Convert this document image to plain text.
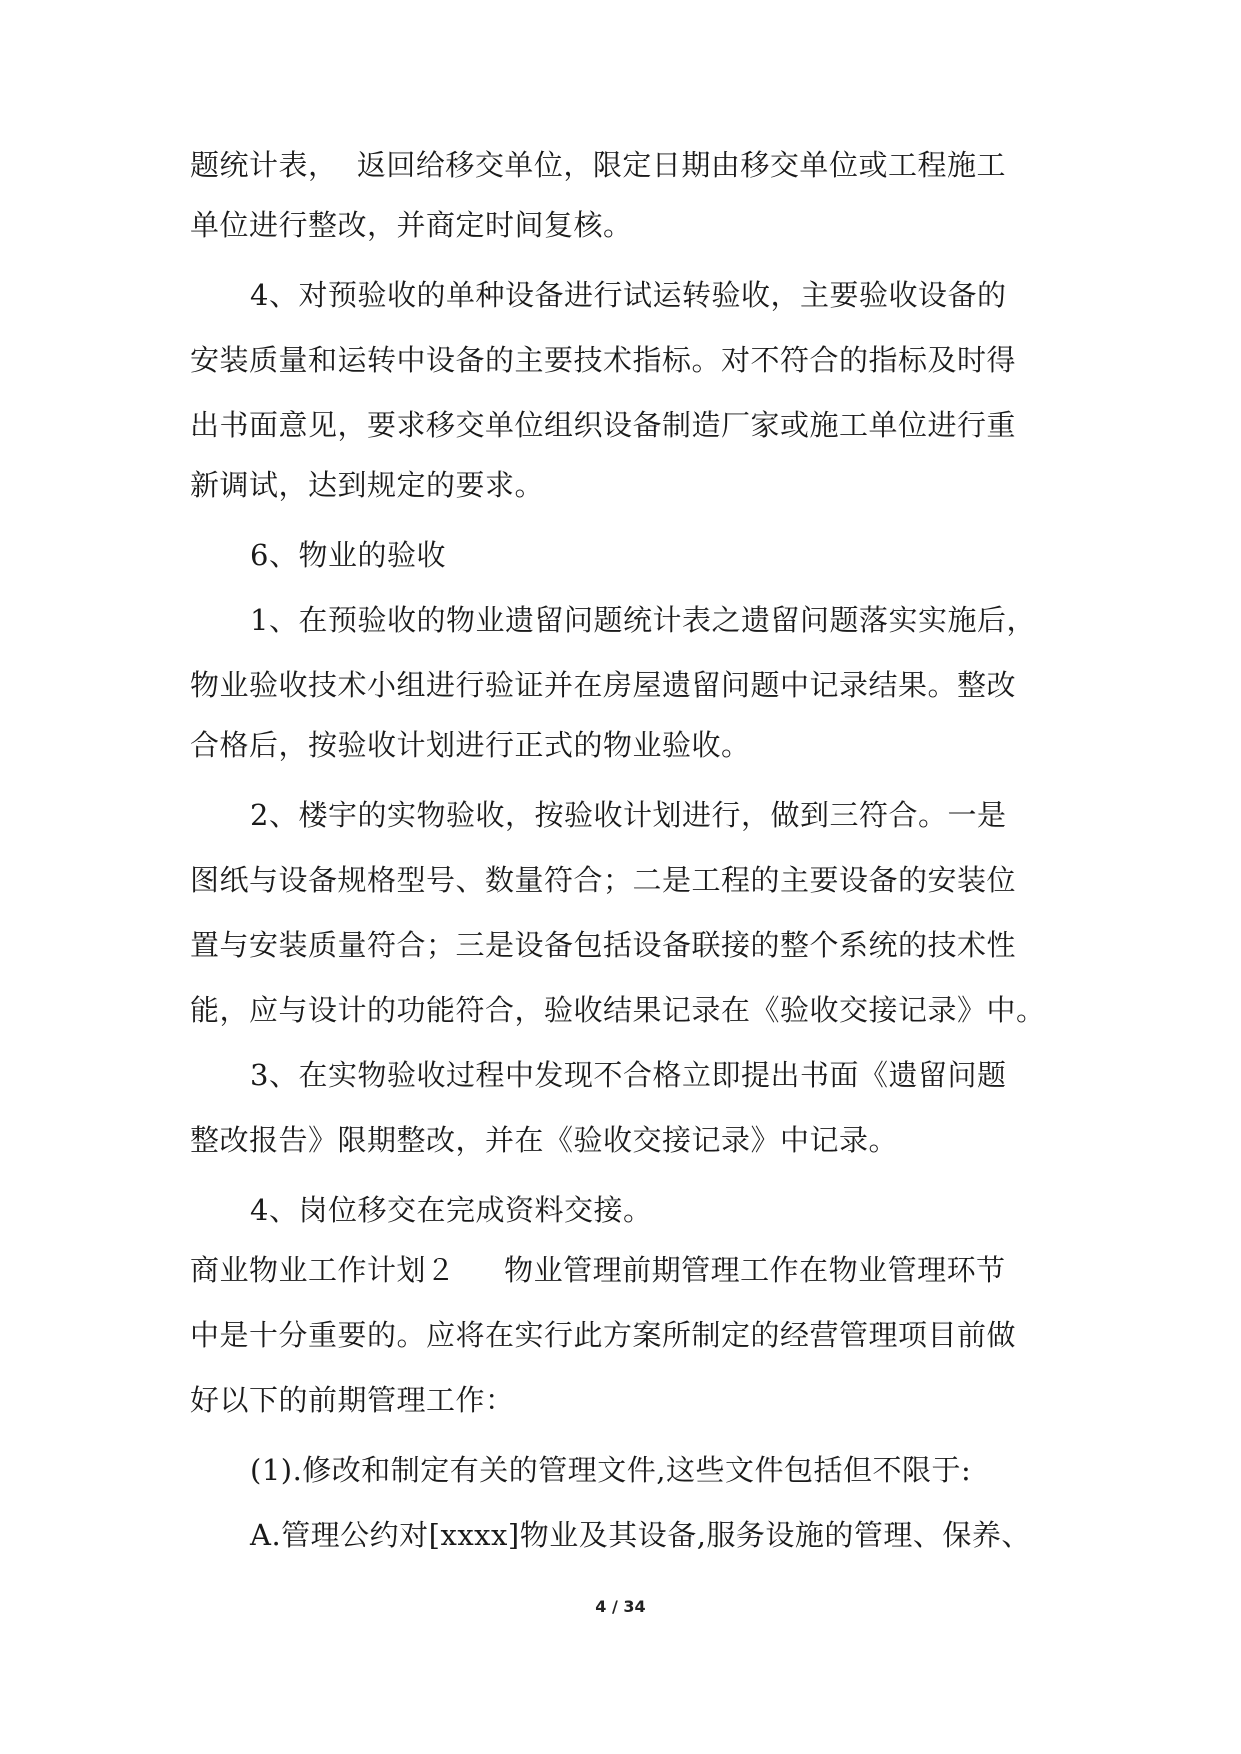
题统计表，  返回给移交单位，限定日期由移交单位或工程施工
单位进行整改，并商定时间复核。
4、对预验收的单种设备进行试运转验收，主要验收设备的
安装质量和运转中设备的主要技术指标。对不符合的指标及时得
出书面意见，要求移交单位组织设备制造厂家或施工单位进行重
新调试，达到规定的要求。
6、物业的验收
1、在预验收的物业遗留问题统计表之遗留问题落实实施后，
物业验收技术小组进行验证并在房屋遗留问题中记录结果。整改
合格后，按验收计划进行正式的物业验收。
2、楼宇的实物验收，按验收计划进行，做到三符合。一是
图纸与设备规格型号、数量符合；二是工程的主要设备的安装位
置与安装质量符合；三是设备包括设备联接的整个系统的技术性
能，应与设计的功能符合，验收结果记录在《验收交接记录》中。
3、在实物验收过程中发现不合格立即提出书面《遗留问题
整改报告》限期整改，并在《验收交接记录》中记录。
4、岗位移交在完成资料交接。
商业物业工作计划２     物业管理前期管理工作在物业管理环节
中是十分重要的。应将在实行此方案所制定的经营管理项目前做
好以下的前期管理工作：
(1).修改和制定有关的管理文件,这些文件包括但不限于:
A.管理公约对[xxxx]物业及其设备,服务设施的管理、保养、
4 / 34
